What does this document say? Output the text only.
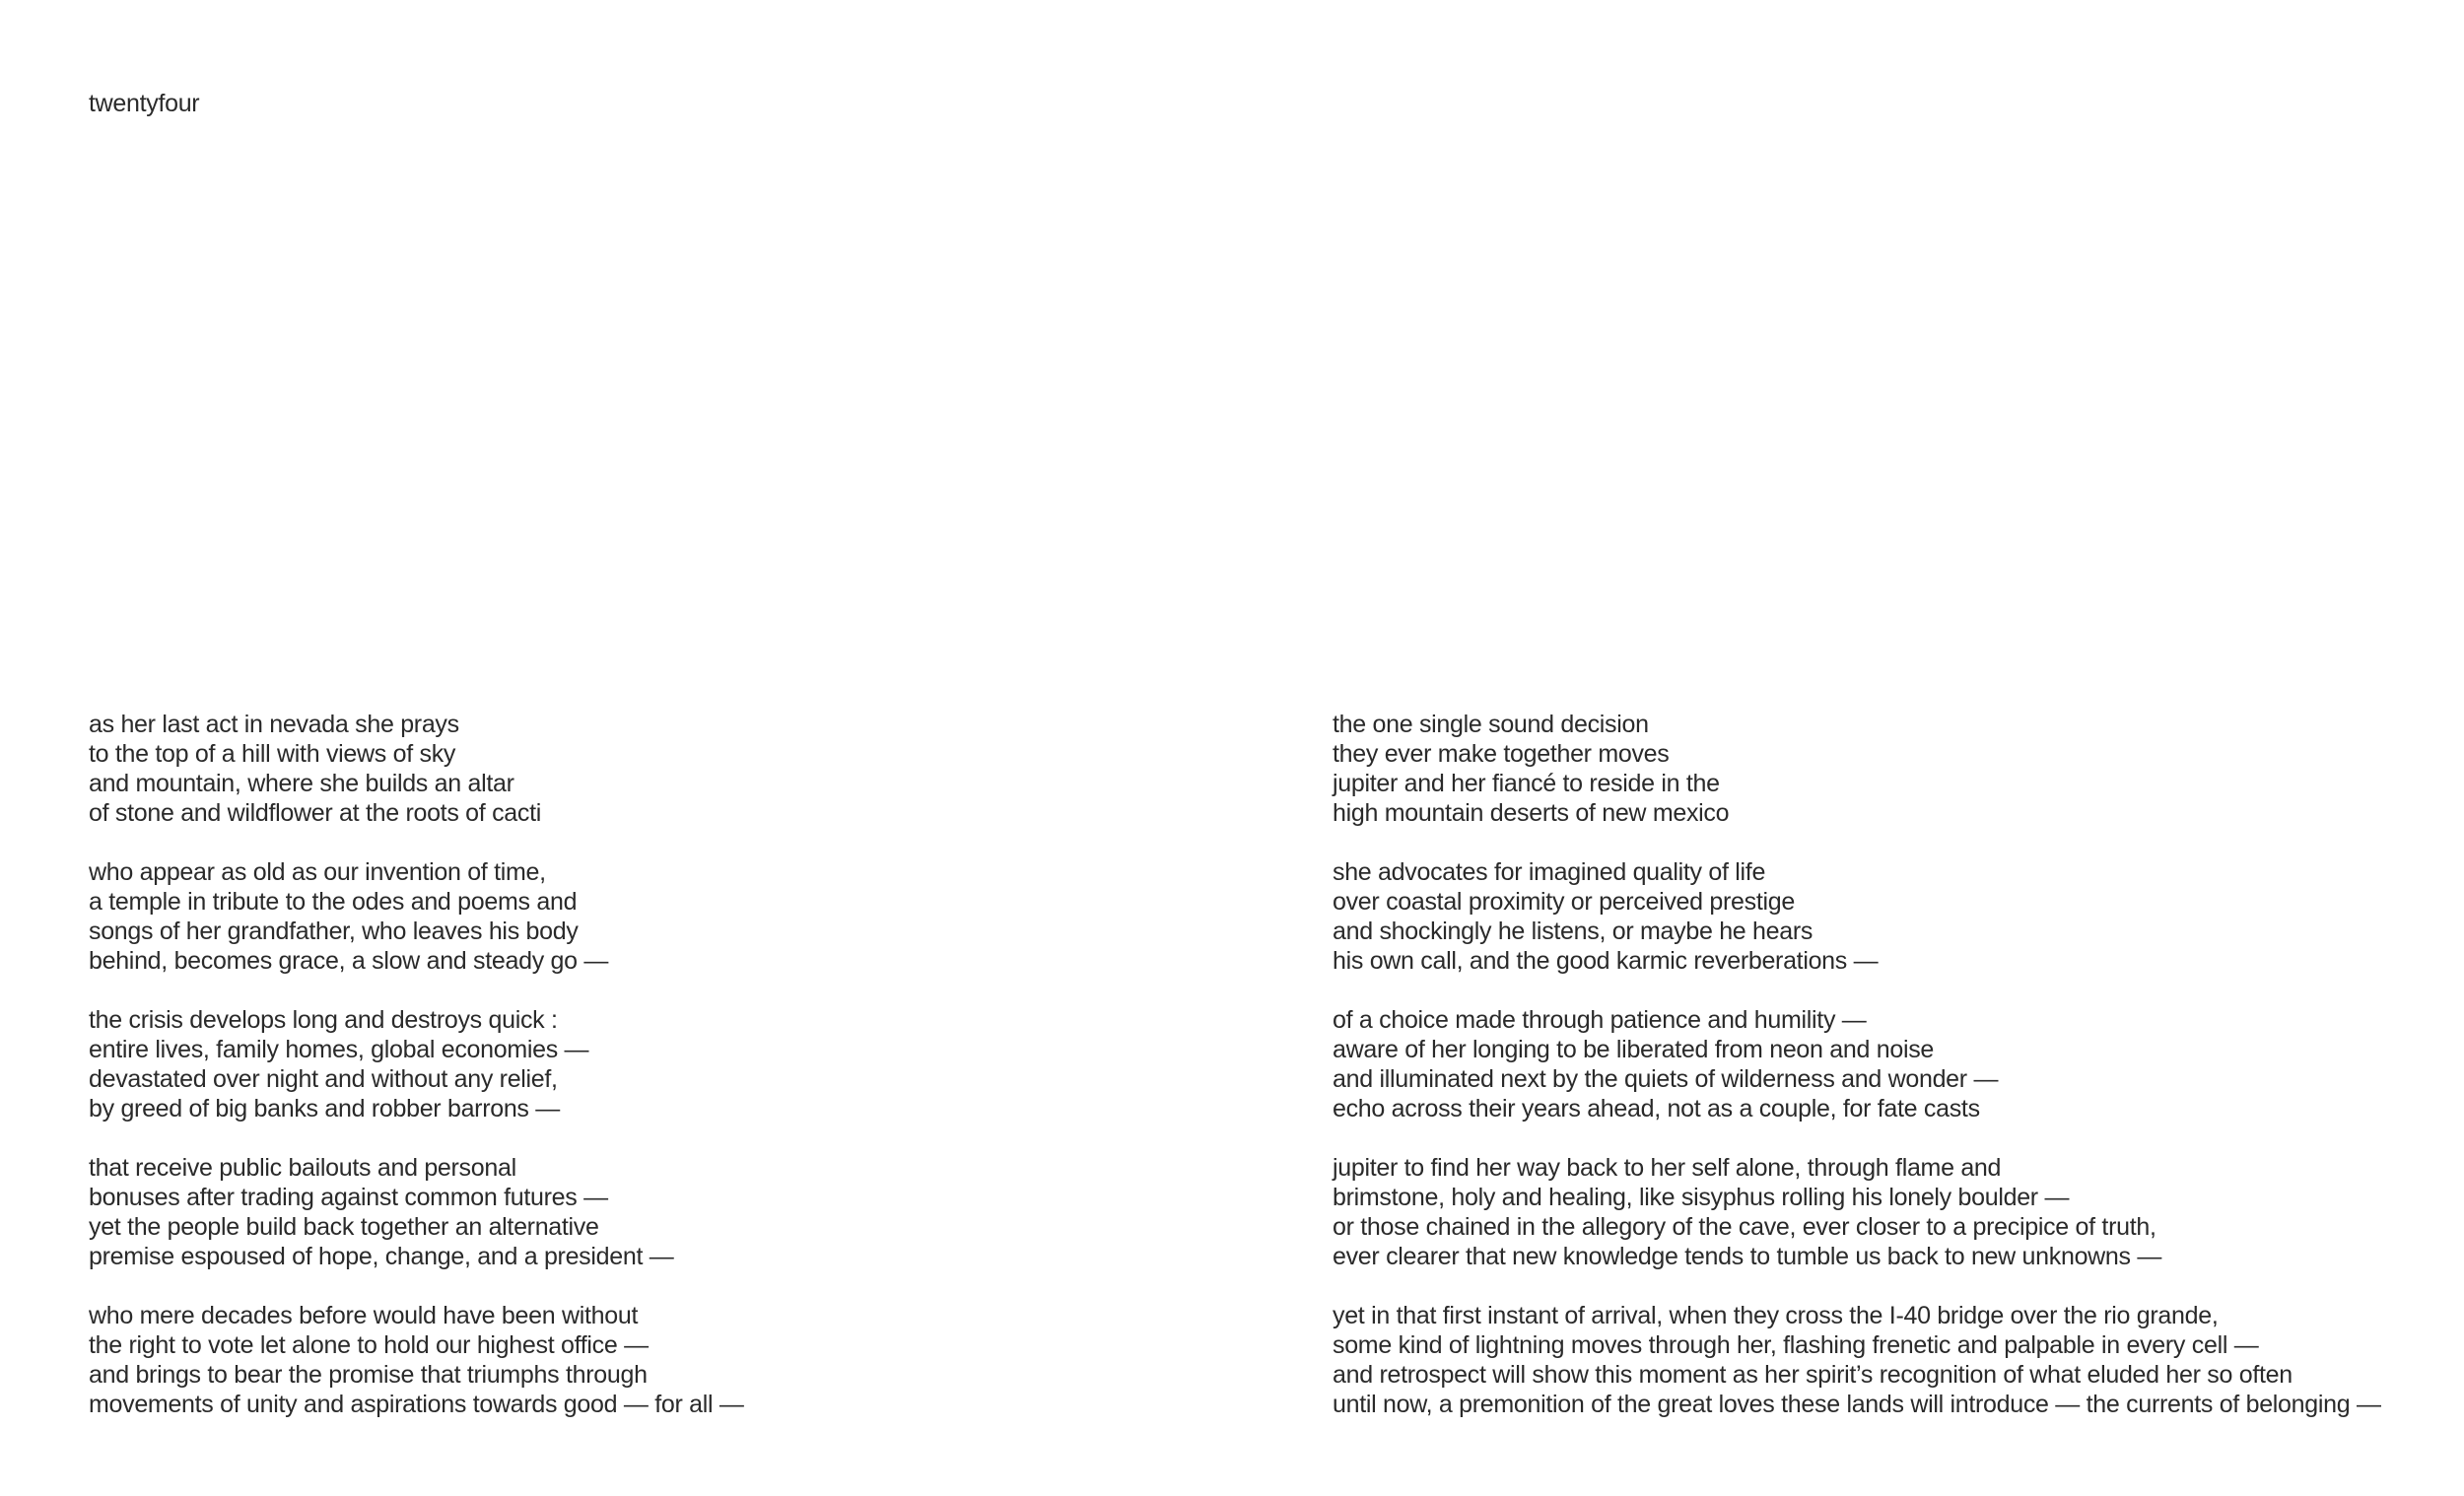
twentyfour
as her last act in nevada she prays
to the top of a hill with views of sky
and mountain, where she builds an altar
of stone and wildflower at the roots of cacti
who appear as old as our invention of time,
a temple in tribute to the odes and poems and
songs of her grandfather, who leaves his body
behind, becomes grace, a slow and steady go —
the crisis develops long and destroys quick :
entire lives, family homes, global economies —
devastated over night and without any relief,
by greed of big banks and robber barrons —
that receive public bailouts and personal
bonuses after trading against common futures —
yet the people build back together an alternative
premise espoused of hope, change, and a president —
who mere decades before would have been without
the right to vote let alone to hold our highest office —
and brings to bear the promise that triumphs through
movements of unity and aspirations towards good — for all —
the one single sound decision
they ever make together moves
jupiter and her fiancé to reside in the
high mountain deserts of new mexico
she advocates for imagined quality of life
over coastal proximity or perceived prestige
and shockingly he listens, or maybe he hears
his own call, and the good karmic reverberations —
of a choice made through patience and humility —
aware of her longing to be liberated from neon and noise
and illuminated next by the quiets of wilderness and wonder —
echo across their years ahead, not as a couple, for fate casts
jupiter to find her way back to her self alone, through flame and
brimstone, holy and healing, like sisyphus rolling his lonely boulder —
or those chained in the allegory of the cave, ever closer to a precipice of truth,
ever clearer that new knowledge tends to tumble us back to new unknowns —
yet in that first instant of arrival, when they cross the I-40 bridge over the rio grande,
some kind of lightning moves through her, flashing frenetic and palpable in every cell —
and retrospect will show this moment as her spirit’s recognition of what eluded her so often
until now, a premonition of the great loves these lands will introduce — the currents of belonging —
